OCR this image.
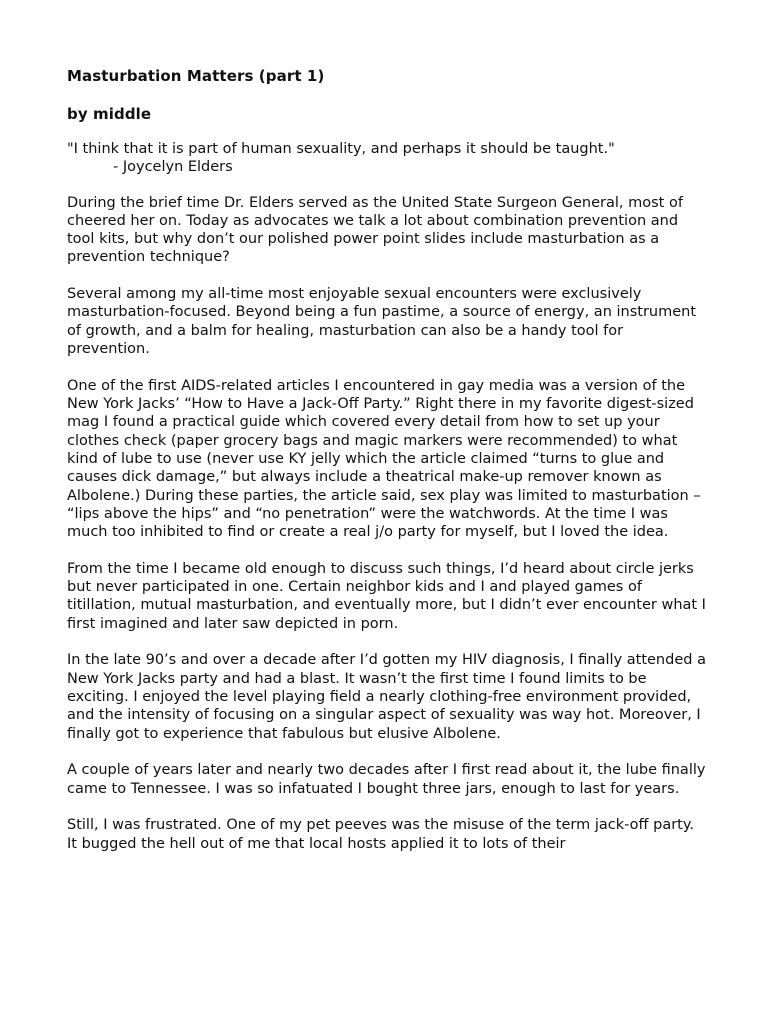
Masturbation Matters (part 1)

by middle

"I think that it is part of human sexuality, and perhaps it should be taught."
- Joycelyn Elders

During the brief time Dr. Elders served as the United State Surgeon General, most of cheered her on. Today as advocates we talk a lot about combination prevention and tool kits, but why don’t our polished power point slides include masturbation as a prevention technique?

Several among my all-time most enjoyable sexual encounters were exclusively masturbation-focused. Beyond being a fun pastime, a source of energy, an instrument of growth, and a balm for healing, masturbation can also be a handy tool for prevention.

One of the first AIDS-related articles I encountered in gay media was a version of the New York Jacks’ “How to Have a Jack-Off Party.” Right there in my favorite digest-sized mag I found a practical guide which covered every detail from how to set up your clothes check (paper grocery bags and magic markers were recommended) to what kind of lube to use (never use KY jelly which the article claimed “turns to glue and causes dick damage,” but always include a theatrical make-up remover known as Albolene.) During these parties, the article said, sex play was limited to masturbation – “lips above the hips” and “no penetration” were the watchwords. At the time I was much too inhibited to find or create a real j/o party for myself, but I loved the idea.

From the time I became old enough to discuss such things, I’d heard about circle jerks but never participated in one. Certain neighbor kids and I and played games of titillation, mutual masturbation, and eventually more, but I didn’t ever encounter what I first imagined and later saw depicted in porn.

In the late 90’s and over a decade after I’d gotten my HIV diagnosis, I finally attended a New York Jacks party and had a blast. It wasn’t the first time I found limits to be exciting. I enjoyed the level playing field a nearly clothing-free environment provided, and the intensity of focusing on a singular aspect of sexuality was way hot. Moreover, I finally got to experience that fabulous but elusive Albolene.

A couple of years later and nearly two decades after I first read about it, the lube finally came to Tennessee. I was so infatuated I bought three jars, enough to last for years.

Still, I was frustrated. One of my pet peeves was the misuse of the term jack-off party. It bugged the hell out of me that local hosts applied it to lots of their
